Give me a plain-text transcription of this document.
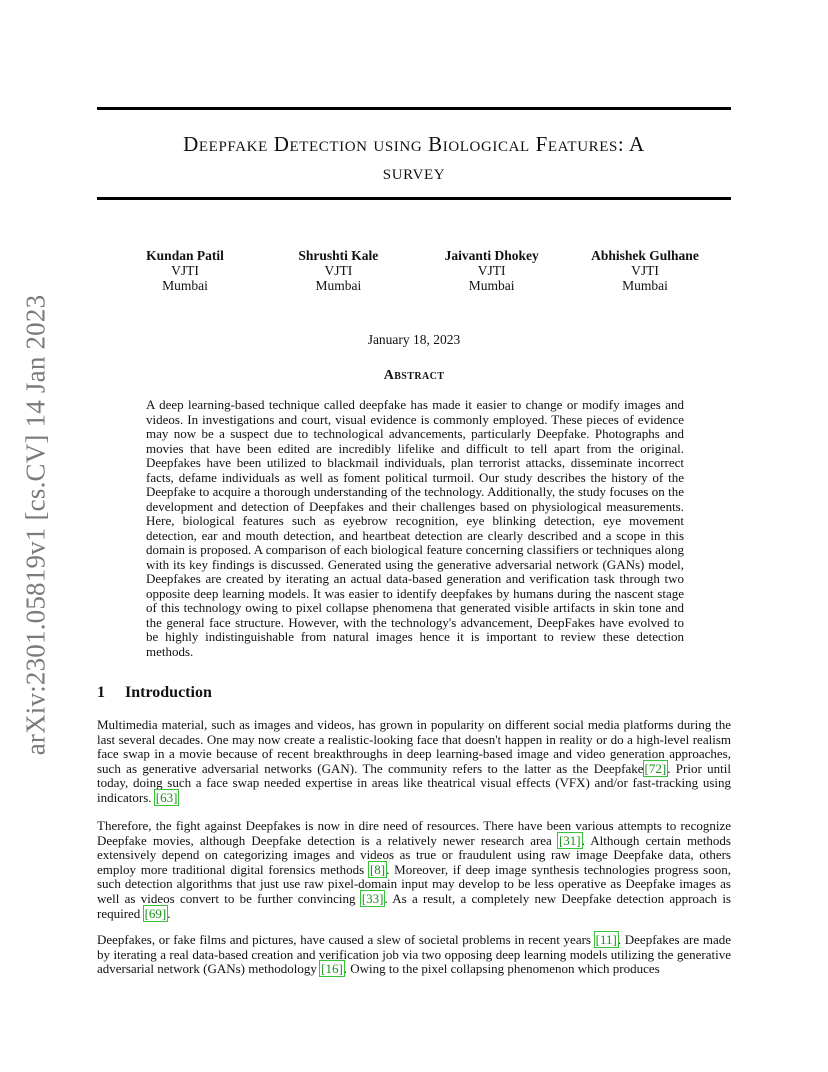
arXiv:2301.05819v1 [cs.CV] 14 Jan 2023
Deepfake Detection using Biological Features: A
survey
Kundan Patil
VJTI
Mumbai
Shrushti Kale
VJTI
Mumbai
Jaivanti Dhokey
VJTI
Mumbai
Abhishek Gulhane
VJTI
Mumbai
January 18, 2023
Abstract
A deep learning-based technique called deepfake has made it easier to change or modify images and videos. In investigations and court, visual evidence is commonly employed. These pieces of evidence may now be a suspect due to technological advancements, particularly Deepfake. Photographs and movies that have been edited are incredibly lifelike and difficult to tell apart from the original. Deepfakes have been utilized to blackmail individuals, plan terrorist attacks, disseminate incorrect facts, defame individuals as well as foment political turmoil. Our study describes the history of the Deepfake to acquire a thorough understanding of the technology. Additionally, the study focuses on the development and detection of Deepfakes and their challenges based on physiological measurements. Here, biological features such as eyebrow recognition, eye blinking detection, eye movement detection, ear and mouth detection, and heartbeat detection are clearly described and a scope in this domain is proposed. A comparison of each biological feature concerning classifiers or techniques along with its key findings is discussed. Generated using the generative adversarial network (GANs) model, Deepfakes are created by iterating an actual data-based generation and verification task through two opposite deep learning models. It was easier to identify deepfakes by humans during the nascent stage of this technology owing to pixel collapse phenomena that generated visible artifacts in skin tone and the general face structure. However, with the technology's advancement, DeepFakes have evolved to be highly indistinguishable from natural images hence it is important to review these detection methods.
1 Introduction

Multimedia material, such as images and videos, has grown in popularity on different social media platforms during the last several decades. One may now create a realistic-looking face that doesn't happen in reality or do a high-level realism face swap in a movie because of recent breakthroughs in deep learning-based image and video generation approaches, such as generative adversarial networks (GAN). The community refers to the latter as the Deepfake[72]. Prior until today, doing such a face swap needed expertise in areas like theatrical visual effects (VFX) and/or fast-tracking using indicators. [63]

Therefore, the fight against Deepfakes is now in dire need of resources. There have been various attempts to recognize Deepfake movies, although Deepfake detection is a relatively newer research area [31]. Although certain methods extensively depend on categorizing images and videos as true or fraudulent using raw image Deepfake data, others employ more traditional digital forensics methods [8]. Moreover, if deep image synthesis technologies progress soon, such detection algorithms that just use raw pixel-domain input may develop to be less operative as Deepfake images as well as videos convert to be further convincing [33]. As a result, a completely new Deepfake detection approach is required [69].

Deepfakes, or fake films and pictures, have caused a slew of societal problems in recent years [11]. Deepfakes are made by iterating a real data-based creation and verification job via two opposing deep learning models utilizing the generative adversarial network (GANs) methodology [16]. Owing to the pixel collapsing phenomenon which produces
